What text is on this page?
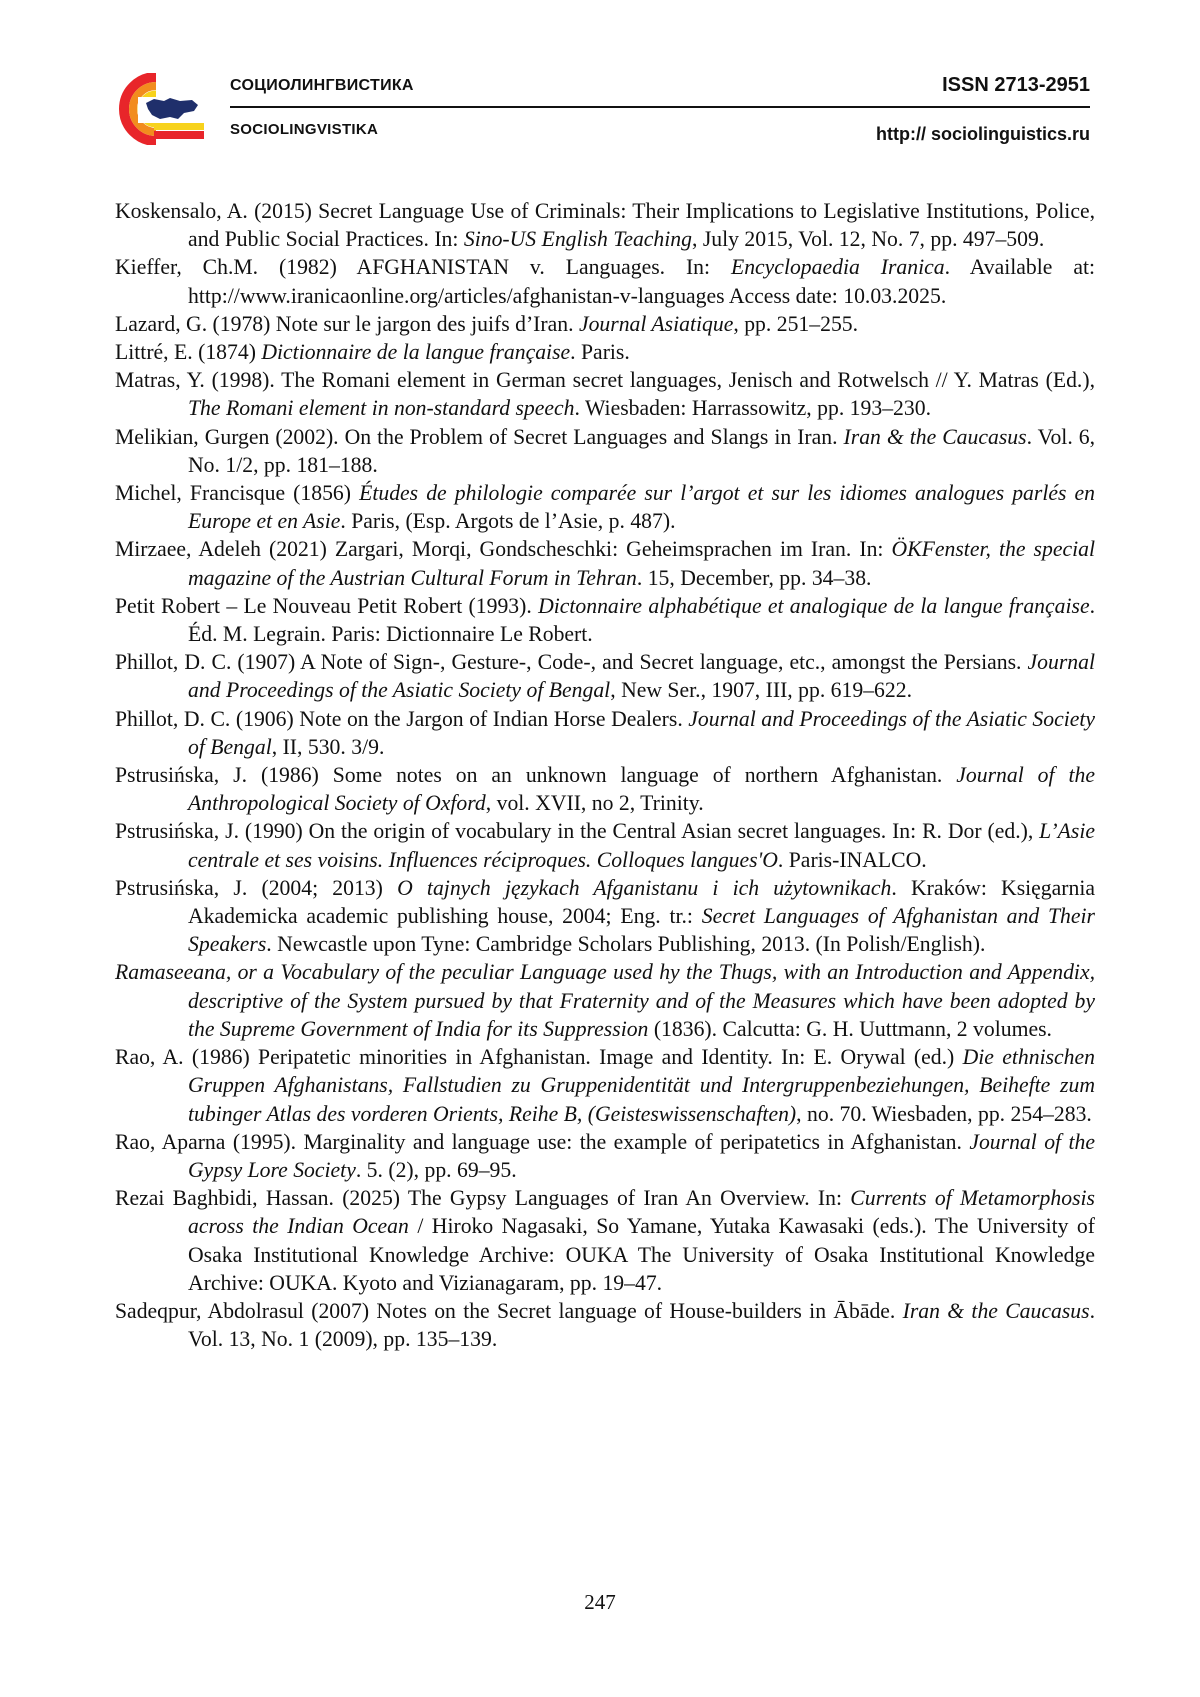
СОЦИОЛИНГВИСТИКА
SOCIOLINGVISTIKA
ISSN 2713-2951
http:// sociolinguistics.ru
Koskensalo, A. (2015) Secret Language Use of Criminals: Their Implications to Legislative Institutions, Police, and Public Social Practices. In: Sino-US English Teaching, July 2015, Vol. 12, No. 7, pp. 497–509.
Kieffer, Ch.M. (1982) AFGHANISTAN v. Languages. In: Encyclopaedia Iranica. Available at: http://www.iranicaonline.org/articles/afghanistan-v-languages Access date: 10.03.2025.
Lazard, G. (1978) Note sur le jargon des juifs d’Iran. Journal Asiatique, pp. 251–255.
Littré, E. (1874) Dictionnaire de la langue française. Paris.
Matras, Y. (1998). The Romani element in German secret languages, Jenisch and Rotwelsch // Y. Matras (Ed.), The Romani element in non-standard speech. Wiesbaden: Harrassowitz, pp. 193–230.
Melikian, Gurgen (2002). On the Problem of Secret Languages and Slangs in Iran. Iran & the Caucasus. Vol. 6, No. 1/2, pp. 181–188.
Michel, Francisque (1856) Études de philologie comparée sur l’argot et sur les idiomes analogues parlés en Europe et en Asie. Paris, (Esp. Argots de l’Asie, p. 487).
Mirzaee, Adeleh (2021) Zargari, Morqi, Gondscheschki: Geheimsprachen im Iran. In: ÖKFenster, the special magazine of the Austrian Cultural Forum in Tehran. 15, December, pp. 34–38.
Petit Robert – Le Nouveau Petit Robert (1993). Dictonnaire alphabétique et analogique de la langue française. Éd. M. Legrain. Paris: Dictionnaire Le Robert.
Phillot, D. C. (1907) A Note of Sign-, Gesture-, Code-, and Secret language, etc., amongst the Persians. Journal and Proceedings of the Asiatic Society of Bengal, New Ser., 1907, III, pp. 619–622.
Phillot, D. C. (1906) Note on the Jargon of Indian Horse Dealers. Journal and Proceedings of the Asiatic Society of Bengal, II, 530. 3/9.
Pstrusińska, J. (1986) Some notes on an unknown language of northern Afghanistan. Journal of the Anthropological Society of Oxford, vol. XVII, no 2, Trinity.
Pstrusińska, J. (1990) On the origin of vocabulary in the Central Asian secret languages. In: R. Dor (ed.), L’Asie centrale et ses voisins. Influences réciproques. Colloques langues'O. Paris-INALCO.
Pstrusińska, J. (2004; 2013) O tajnych językach Afganistanu i ich użytownikach. Kraków: Księgarnia Akademicka academic publishing house, 2004; Eng. tr.: Secret Languages of Afghanistan and Their Speakers. Newcastle upon Tyne: Cambridge Scholars Publishing, 2013. (In Polish/English).
Ramaseeana, or a Vocabulary of the peculiar Language used hy the Thugs, with an Introduction and Appendix, descriptive of the System pursued by that Fraternity and of the Measures which have been adopted by the Supreme Government of India for its Suppression (1836). Calcutta: G. H. Uuttmann, 2 volumes.
Rao, A. (1986) Peripatetic minorities in Afghanistan. Image and Identity. In: E. Orywal (ed.) Die ethnischen Gruppen Afghanistans, Fallstudien zu Gruppenidentität und Intergruppenbeziehungen, Beihefte zum tubinger Atlas des vorderen Orients, Reihe B, (Geisteswissenschaften), no. 70. Wiesbaden, pp. 254–283.
Rao, Aparna (1995). Marginality and language use: the example of peripatetics in Afghanistan. Journal of the Gypsy Lore Society. 5. (2), pp. 69–95.
Rezai Baghbidi, Hassan. (2025) The Gypsy Languages of Iran An Overview. In: Currents of Metamorphosis across the Indian Ocean / Hiroko Nagasaki, So Yamane, Yutaka Kawasaki (eds.). The University of Osaka Institutional Knowledge Archive: OUKA The University of Osaka Institutional Knowledge Archive: OUKA. Kyoto and Vizianagaram, pp. 19–47.
Sadeqpur, Abdolrasul (2007) Notes on the Secret language of House-builders in Ābāde. Iran & the Caucasus. Vol. 13, No. 1 (2009), pp. 135–139.
247
